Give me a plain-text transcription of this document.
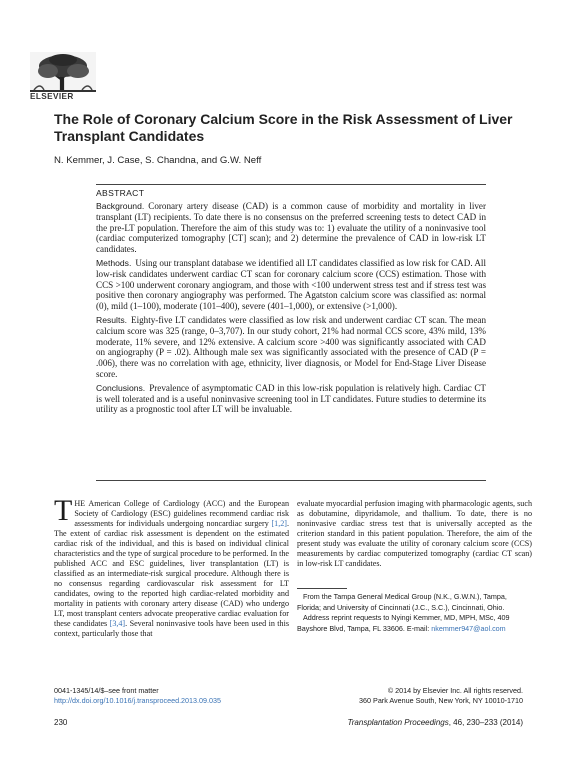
ELSEVIER
The Role of Coronary Calcium Score in the Risk Assessment of Liver Transplant Candidates
N. Kemmer, J. Case, S. Chandna, and G.W. Neff
ABSTRACT

Background. Coronary artery disease (CAD) is a common cause of morbidity and mortality in liver transplant (LT) recipients. To date there is no consensus on the preferred screening tests to detect CAD in the pre-LT population. Therefore the aim of this study was to: 1) evaluate the utility of a noninvasive tool (cardiac computerized tomography [CT] scan); and 2) determine the prevalence of CAD in low-risk LT candidates.

Methods. Using our transplant database we identified all LT candidates classified as low risk for CAD. All low-risk candidates underwent cardiac CT scan for coronary calcium score (CCS) estimation. Those with CCS >100 underwent coronary angiogram, and those with <100 underwent stress test and if stress test was positive then coronary angiography was performed. The Agatston calcium score was classified as: normal (0), mild (1–100), moderate (101–400), severe (401–1,000), or extensive (>1,000).

Results. Eighty-five LT candidates were classified as low risk and underwent cardiac CT scan. The mean calcium score was 325 (range, 0–3,707). In our study cohort, 21% had normal CCS score, 43% mild, 13% moderate, 11% severe, and 12% extensive. A calcium score >400 was significantly associated with CAD on angiography (P = .02). Although male sex was significantly associated with the presence of CAD (P = .006), there was no correlation with age, ethnicity, liver diagnosis, or Model for End-Stage Liver Disease score.

Conclusions. Prevalence of asymptomatic CAD in this low-risk population is relatively high. Cardiac CT is well tolerated and is a useful noninvasive screening tool in LT candidates. Future studies to determine its utility as a prognostic tool after LT will be invaluable.

THE American College of Cardiology (ACC) and the European Society of Cardiology (ESC) guidelines recommend cardiac risk assessments for individuals undergoing noncardiac surgery [1,2]. The extent of cardiac risk assessment is dependent on the estimated cardiac risk of the individual, and this is based on individual clinical characteristics and the type of surgical procedure to be performed. In the published ACC and ESC guidelines, liver transplantation (LT) is classified as an intermediate-risk surgical procedure. Although there is no consensus regarding cardiovascular risk assessment for LT candidates, owing to the reported high cardiac-related morbidity and mortality in patients with coronary artery disease (CAD) who undergo LT, most transplant centers advocate preoperative cardiac evaluation for these candidates [3,4]. Several noninvasive tools have been used in this context, particularly those that
evaluate myocardial perfusion imaging with pharmacologic agents, such as dobutamine, dipyridamole, and thallium. To date, there is no noninvasive cardiac stress test that is universally accepted as the criterion standard in this patient population. Therefore, the aim of the present study was evaluate the utility of coronary calcium score (CCS) measurements by cardiac computerized tomography (cardiac CT scan) in low-risk LT candidates.

From the Tampa General Medical Group (N.K., G.W.N.), Tampa, Florida; and University of Cincinnati (J.C., S.C.), Cincinnati, Ohio.

Address reprint requests to Nyingi Kemmer, MD, MPH, MSc, 409 Bayshore Blvd, Tampa, FL 33606. E-mail: nkemmer947@aol.com

0041-1345/14/$–see front matter
http://dx.doi.org/10.1016/j.transproceed.2013.09.035
© 2014 by Elsevier Inc. All rights reserved.
360 Park Avenue South, New York, NY 10010-1710
230	Transplantation Proceedings, 46, 230–233 (2014)
